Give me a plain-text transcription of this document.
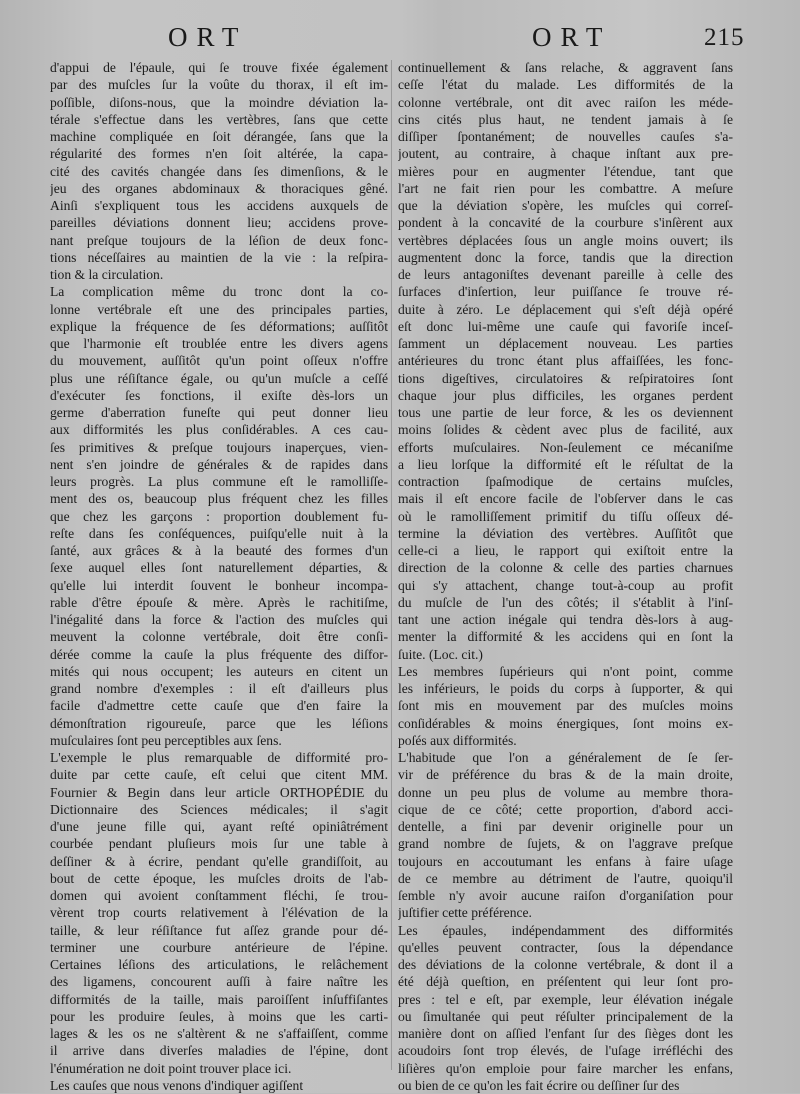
ORT	ORT	215
d'appui de l'épaule, qui ſe trouve fixée également
par des muſcles ſur la voûte du thorax, il eſt im-
poſſible, diſons-nous, que la moindre déviation la-
térale s'effectue dans les vertèbres, ſans que cette
machine compliquée en ſoit dérangée, ſans que la
régularité des formes n'en ſoit altérée, la capa-
cité des cavités changée dans ſes dimenſions, & le
jeu des organes abdominaux & thoraciques gêné.
Ainſi s'expliquent tous les accidens auxquels de
pareilles déviations donnent lieu; accidens prove-
nant preſque toujours de la léſion de deux fonc-
tions néceſſaires au maintien de la vie : la reſpira-
tion & la circulation.
La complication même du tronc dont la co-
lonne vertébrale eſt une des principales parties,
explique la fréquence de ſes déformations; auſſitôt
que l'harmonie eſt troublée entre les divers agens
du mouvement, auſſitôt qu'un point oſſeux n'offre
plus une réſiſtance égale, ou qu'un muſcle a ceſſé
d'exécuter ſes fonctions, il exiſte dès-lors un
germe d'aberration funeſte qui peut donner lieu
aux difformités les plus conſidérables. A ces cau-
ſes primitives & preſque toujours inaperçues, vien-
nent s'en joindre de générales & de rapides dans
leurs progrès. La plus commune eſt le ramolliſſe-
ment des os, beaucoup plus fréquent chez les filles
que chez les garçons : proportion doublement fu-
reſte dans ſes conſéquences, puiſqu'elle nuit à la
ſanté, aux grâces & à la beauté des formes d'un
ſexe auquel elles ſont naturellement départies, &
qu'elle lui interdit ſouvent le bonheur incompa-
rable d'être épouſe & mère. Après le rachitiſme,
l'inégalité dans la force & l'action des muſcles qui
meuvent la colonne vertébrale, doit être conſi-
dérée comme la cauſe la plus fréquente des diſfor-
mités qui nous occupent; les auteurs en citent un
grand nombre d'exemples : il eſt d'ailleurs plus
facile d'admettre cette cauſe que d'en faire la
démonſtration rigoureuſe, parce que les léſions
muſculaires ſont peu perceptibles aux ſens.
L'exemple le plus remarquable de difformité pro-
duite par cette cauſe, eſt celui que citent MM.
Fournier & Begin dans leur article ORTHOPÉDIE du
Dictionnaire des Sciences médicales; il s'agit
d'une jeune fille qui, ayant reſté opiniâtrément
courbée pendant pluſieurs mois ſur une table à
deſſiner & à écrire, pendant qu'elle grandiſſoit, au
bout de cette époque, les muſcles droits de l'ab-
domen qui avoient conſtamment fléchi, ſe trou-
vèrent trop courts relativement à l'élévation de la
taille, & leur réſiſtance fut aſſez grande pour dé-
terminer une courbure antérieure de l'épine.
Certaines léſions des articulations, le relâchement
des ligamens, concourent auſſi à faire naître les
difformités de la taille, mais paroiſſent inſuffiſantes
pour les produire ſeules, à moins que les carti-
lages & les os ne s'altèrent & ne s'affaiſſent, comme
il arrive dans diverſes maladies de l'épine, dont
l'énumération ne doit point trouver place ici.
Les cauſes que nous venons d'indiquer agiſſent
continuellement & ſans relache, & aggravent ſans
ceſſe l'état du malade. Les difformités de la
colonne vertébrale, ont dit avec raiſon les méde-
cins cités plus haut, ne tendent jamais à ſe
diſſiper ſpontanément; de nouvelles cauſes s'a-
joutent, au contraire, à chaque inſtant aux pre-
mières pour en augmenter l'étendue, tant que
l'art ne fait rien pour les combattre. A meſure
que la déviation s'opère, les muſcles qui correſ-
pondent à la concavité de la courbure s'inſèrent aux
vertèbres déplacées ſous un angle moins ouvert; ils
augmentent donc la force, tandis que la direction
de leurs antagoniſtes devenant pareille à celle des
ſurfaces d'inſertion, leur puiſſance ſe trouve ré-
duite à zéro. Le déplacement qui s'eſt déjà opéré
eſt donc lui-même une cauſe qui favoriſe inceſ-
ſamment un déplacement nouveau. Les parties
antérieures du tronc étant plus affaiſſées, les fonc-
tions digeſtives, circulatoires & reſpiratoires ſont
chaque jour plus difficiles, les organes perdent
tous une partie de leur force, & les os deviennent
moins ſolides & cèdent avec plus de facilité, aux
efforts muſculaires. Non-ſeulement ce mécaniſme
a lieu lorſque la difformité eſt le réſultat de la
contraction ſpaſmodique de certains muſcles,
mais il eſt encore facile de l'obſerver dans le cas
où le ramolliſſement primitif du tiſſu oſſeux dé-
termine la déviation des vertèbres. Auſſitôt que
celle-ci a lieu, le rapport qui exiſtoit entre la
direction de la colonne & celle des parties charnues
qui s'y attachent, change tout-à-coup au profit
du muſcle de l'un des côtés; il s'établit à l'inſ-
tant une action inégale qui tendra dès-lors à aug-
menter la difformité & les accidens qui en ſont la
ſuite. (Loc. cit.)
Les membres ſupérieurs qui n'ont point, comme
les inférieurs, le poids du corps à ſupporter, & qui
ſont mis en mouvement par des muſcles moins
conſidérables & moins énergiques, ſont moins ex-
poſés aux difformités.
L'habitude que l'on a généralement de ſe ſer-
vir de préférence du bras & de la main droite,
donne un peu plus de volume au membre thora-
cique de ce côté; cette proportion, d'abord acci-
dentelle, a fini par devenir originelle pour un
grand nombre de ſujets, & on l'aggrave preſque
toujours en accoutumant les enfans à faire uſage
de ce membre au détriment de l'autre, quoiqu'il
ſemble n'y avoir aucune raiſon d'organiſation pour
juſtifier cette préférence.
Les épaules, indépendamment des difformités
qu'elles peuvent contracter, ſous la dépendance
des déviations de la colonne vertébrale, & dont il a
été déjà queſtion, en préſentent qui leur ſont pro-
pres : tel e eſt, par exemple, leur élévation inégale
ou ſimultanée qui peut réſulter principalement de la
manière dont on aſſied l'enfant ſur des ſièges dont les
acoudoirs ſont trop élevés, de l'uſage irréfléchi des
liſières qu'on emploie pour faire marcher les enfans,
ou bien de ce qu'on les fait écrire ou deſſiner ſur des
